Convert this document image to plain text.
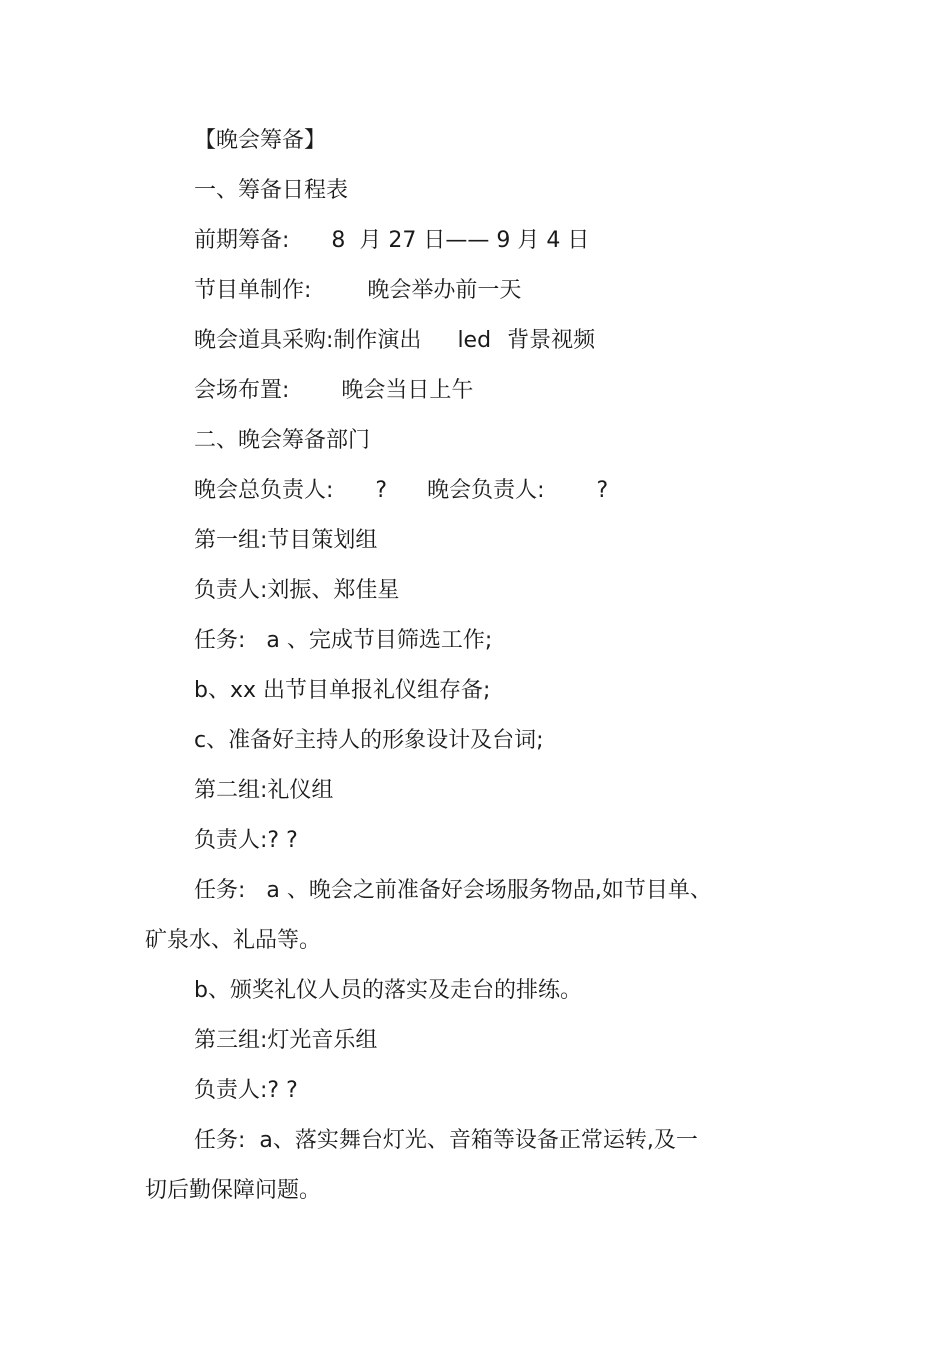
【晚会筹备】

一、筹备日程表

前期筹备: 8  月 27 日—— 9 月 4 日

节目单制作:	晚会举办前一天

晚会道具采购:制作演出 led 背景视频

会场布置: 晚会当日上午

二、晚会筹备部门

晚会总负责人: ? 晚会负责人: ?

第一组:节目策划组

负责人:刘振、郑佳星

任务:   a 、完成节目筛选工作;

b、xx 出节目单报礼仪组存备;

c、准备好主持人的形象设计及台词;

第二组:礼仪组

负责人:? ?

任务:   a 、晚会之前准备好会场服务物品,如节目单、

矿泉水、礼品等。

b、颁奖礼仪人员的落实及走台的排练。

第三组:灯光音乐组

负责人:? ?

任务:  a、落实舞台灯光、音箱等设备正常运转,及一

切后勤保障问题。
